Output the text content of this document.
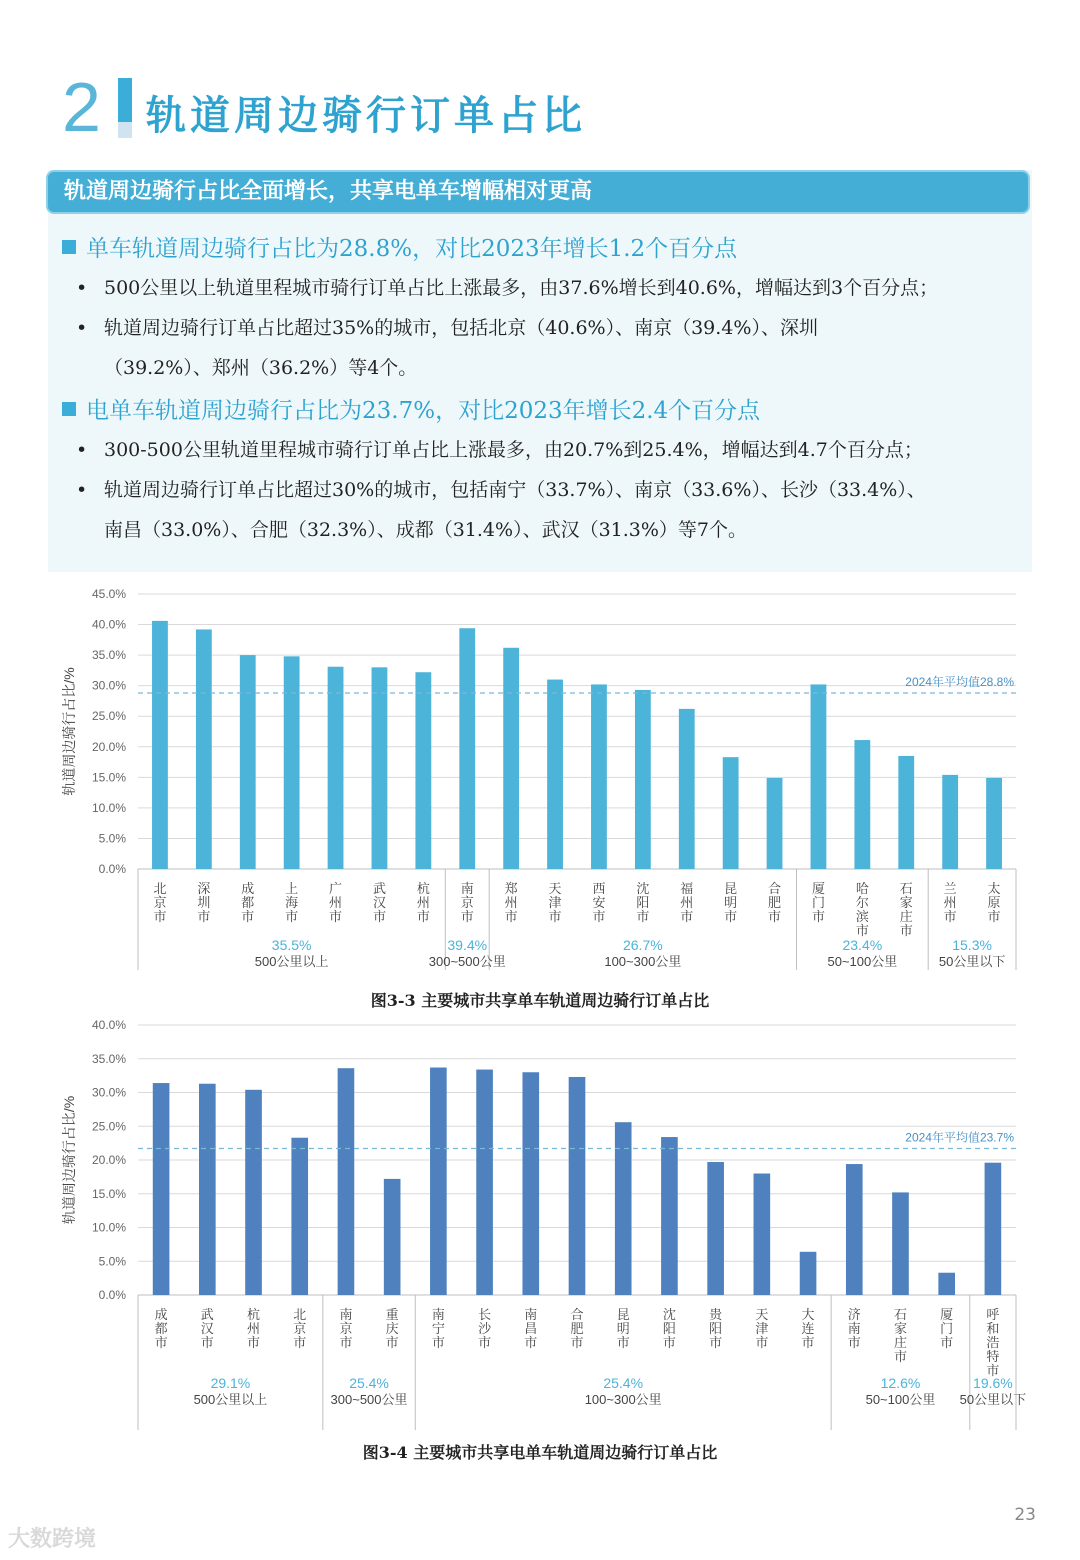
2 轨道周边骑行订单占比
轨道周边骑行占比全面增长，共享电单车增幅相对更高
单车轨道周边骑行占比为28.8%，对比2023年增长1.2个百分点
• 500公里以上轨道里程城市骑行订单占比上涨最多，由37.6%增长到40.6%，增幅达到3个百分点；
• 轨道周边骑行订单占比超过35%的城市，包括北京（40.6%）、南京（39.4%）、深圳
（39.2%）、郑州（36.2%）等4个。
电单车轨道周边骑行占比为23.7%，对比2023年增长2.4个百分点
• 300-500公里轨道里程城市骑行订单占比上涨最多，由20.7%到25.4%，增幅达到4.7个百分点；
• 轨道周边骑行订单占比超过30%的城市，包括南宁（33.7%）、南京（33.6%）、长沙（33.4%）、
南昌（33.0%）、合肥（32.3%）、成都（31.4%）、武汉（31.3%）等7个。
0.0%
5.0%
10.0%
15.0%
20.0%
25.0%
30.0%
35.0%
40.0%
45.0%
轨道周边骑行占比/%
北京市
深圳市
成都市
上海市
广州市
武汉市
杭州市
南京市
郑州市
天津市
西安市
沈阳市
福州市
昆明市
合肥市
厦门市
哈尔滨市
石家庄市
兰州市
太原市
2024年平均值28.8%
35.5%
500公里以上
39.4%
300~500公里
26.7%
100~300公里
23.4%
50~100公里
15.3%
50公里以下
图3-3 主要城市共享单车轨道周边骑行订单占比
0.0%
5.0%
10.0%
15.0%
20.0%
25.0%
30.0%
35.0%
40.0%
轨道周边骑行占比/%
成都市
武汉市
杭州市
北京市
南京市
重庆市
南宁市
长沙市
南昌市
合肥市
昆明市
沈阳市
贵阳市
天津市
大连市
济南市
石家庄市
厦门市
呼和浩特市
2024年平均值23.7%
29.1%
500公里以上
25.4%
300~500公里
25.4%
100~300公里
12.6%
50~100公里
19.6%
50公里以下
图3-4 主要城市共享电单车轨道周边骑行订单占比
大数跨境
23
